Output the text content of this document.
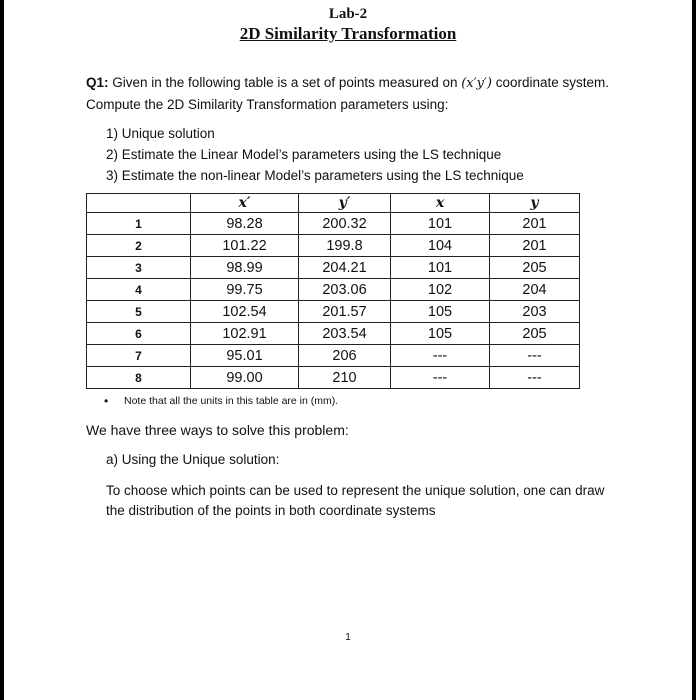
Lab-2
2D Similarity Transformation
Q1: Given in the following table is a set of points measured on (x′y′) coordinate system. Compute the 2D Similarity Transformation parameters using:
1) Unique solution
2) Estimate the Linear Model’s parameters using the LS technique
3) Estimate the non-linear Model’s parameters using the LS technique
	x′	y′	x	y
1	98.28	200.32	101	201
2	101.22	199.8	104	201
3	98.99	204.21	101	205
4	99.75	203.06	102	204
5	102.54	201.57	105	203
6	102.91	203.54	105	205
7	95.01	206	---	---
8	99.00	210	---	---
• Note that all the units in this table are in (mm).
We have three ways to solve this problem:
a) Using the Unique solution:
To choose which points can be used to represent the unique solution, one can draw the distribution of the points in both coordinate systems
1
